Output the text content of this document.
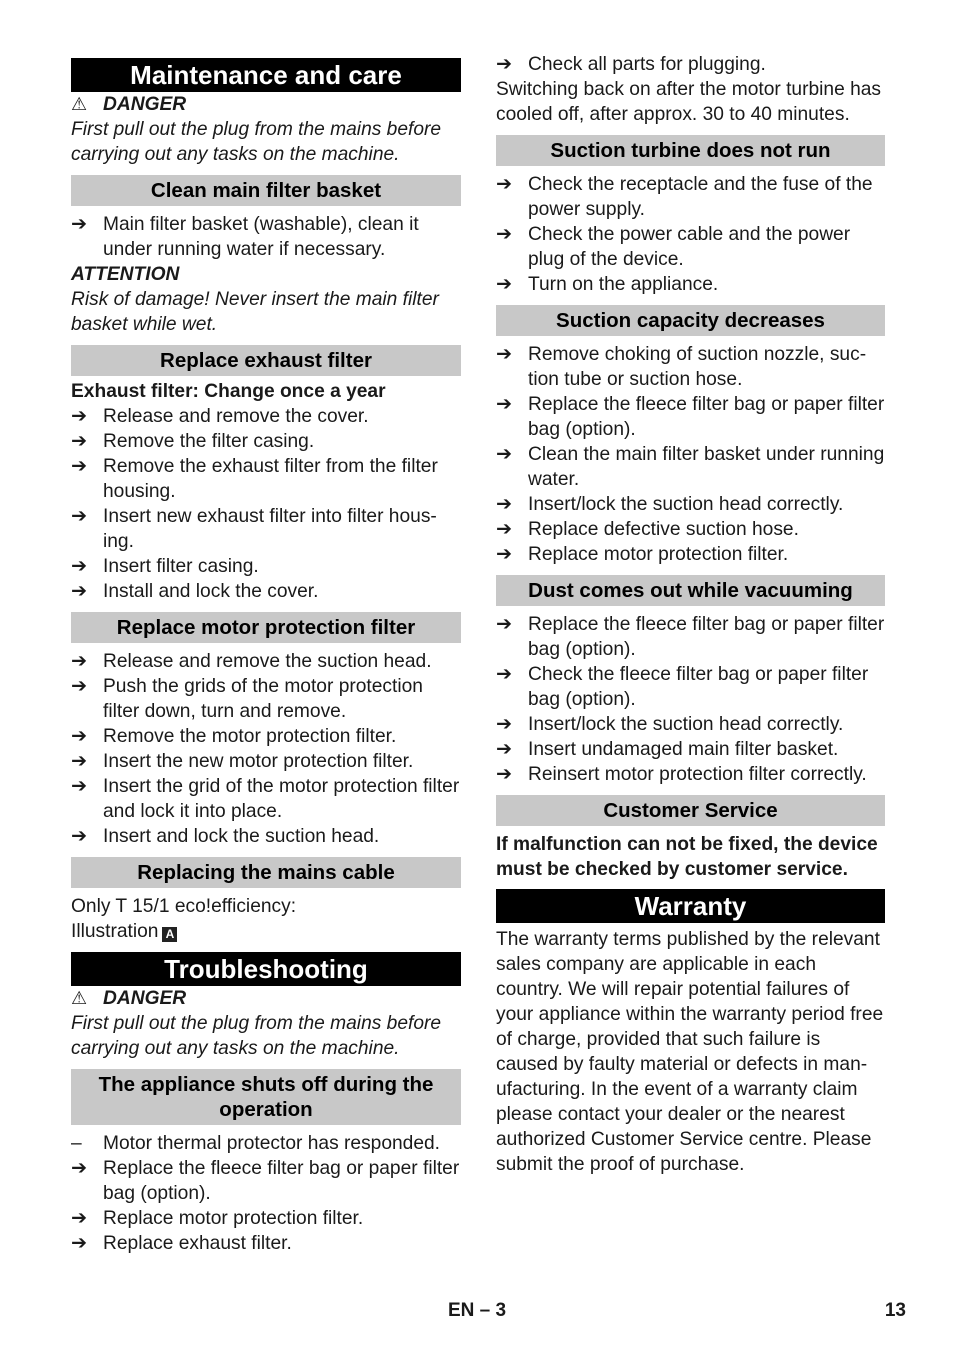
Maintenance and care
⚠ DANGER

First pull out the plug from the mains before carrying out any tasks on the machine.

Clean main filter basket
➔ Main filter basket (washable), clean it under running water if necessary.

ATTENTION

Risk of damage! Never insert the main filter basket while wet.

Replace exhaust filter

Exhaust filter: Change once a year

➔ Release and remove the cover.
➔ Remove the filter casing.
➔ Remove the exhaust filter from the filter housing.
➔ Insert new exhaust filter into filter housing.
➔ Insert filter casing.
➔ Install and lock the cover.
Replace motor protection filter
➔ Release and remove the suction head.
➔ Push the grids of the motor protection filter down, turn and remove.
➔ Remove the motor protection filter.
➔ Insert the new motor protection filter.
➔ Insert the grid of the motor protection filter and lock it into place.
➔ Insert and lock the suction head.
Replacing the mains cable

Only T 15/1 eco!efficiency:

Illustration A

Troubleshooting
⚠ DANGER

First pull out the plug from the mains before carrying out any tasks on the machine.

The appliance shuts off during the operation
–	Motor thermal protector has responded.
➔ Replace the fleece filter bag or paper filter bag (option).
➔ Replace motor protection filter.
➔ Replace exhaust filter.
➔ Check all parts for plugging.

Switching back on after the motor turbine has cooled off, after approx. 30 to 40 minutes.

Suction turbine does not run
➔ Check the receptacle and the fuse of the power supply.
➔ Check the power cable and the power plug of the device.
➔ Turn on the appliance.
Suction capacity decreases
➔ Remove choking of suction nozzle, suction tube or suction hose.
➔ Replace the fleece filter bag or paper filter bag (option).
➔ Clean the main filter basket under running water.
➔ Insert/lock the suction head correctly.
➔ Replace defective suction hose.
➔ Replace motor protection filter.
Dust comes out while vacuuming
➔ Replace the fleece filter bag or paper filter bag (option).
➔ Check the fleece filter bag or paper filter bag (option).
➔ Insert/lock the suction head correctly.
➔ Insert undamaged main filter basket.
➔ Reinsert motor protection filter correctly.
Customer Service

If malfunction can not be fixed, the device must be checked by customer service.

Warranty

The warranty terms published by the relevant sales company are applicable in each country. We will repair potential failures of your appliance within the warranty period free of charge, provided that such failure is caused by faulty material or defects in manufacturing. In the event of a warranty claim please contact your dealer or the nearest authorized Customer Service centre. Please submit the proof of purchase.

EN – 3	13
